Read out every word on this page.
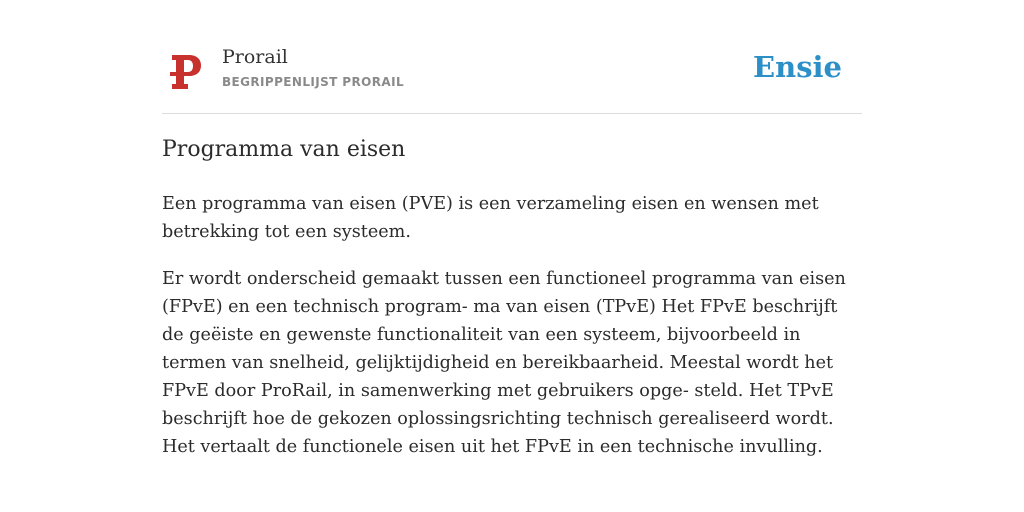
Prorail
BEGRIPPENLIJST PRORAIL	Ensie
Programma van eisen

Een programma van eisen (PVE) is een verzameling eisen en wensen met betrekking tot een systeem.

Er wordt onderscheid gemaakt tussen een functioneel programma van eisen (FPvE) en een technisch program- ma van eisen (TPvE) Het FPvE beschrijft de geëiste en gewenste functionaliteit van een systeem, bijvoorbeeld in termen van snelheid, gelijktijdigheid en bereikbaarheid. Meestal wordt het FPvE door ProRail, in samenwerking met gebruikers opge- steld. Het TPvE beschrijft hoe de gekozen oplossingsrichting technisch gerealiseerd wordt. Het vertaalt de functionele eisen uit het FPvE in een technische invulling.
